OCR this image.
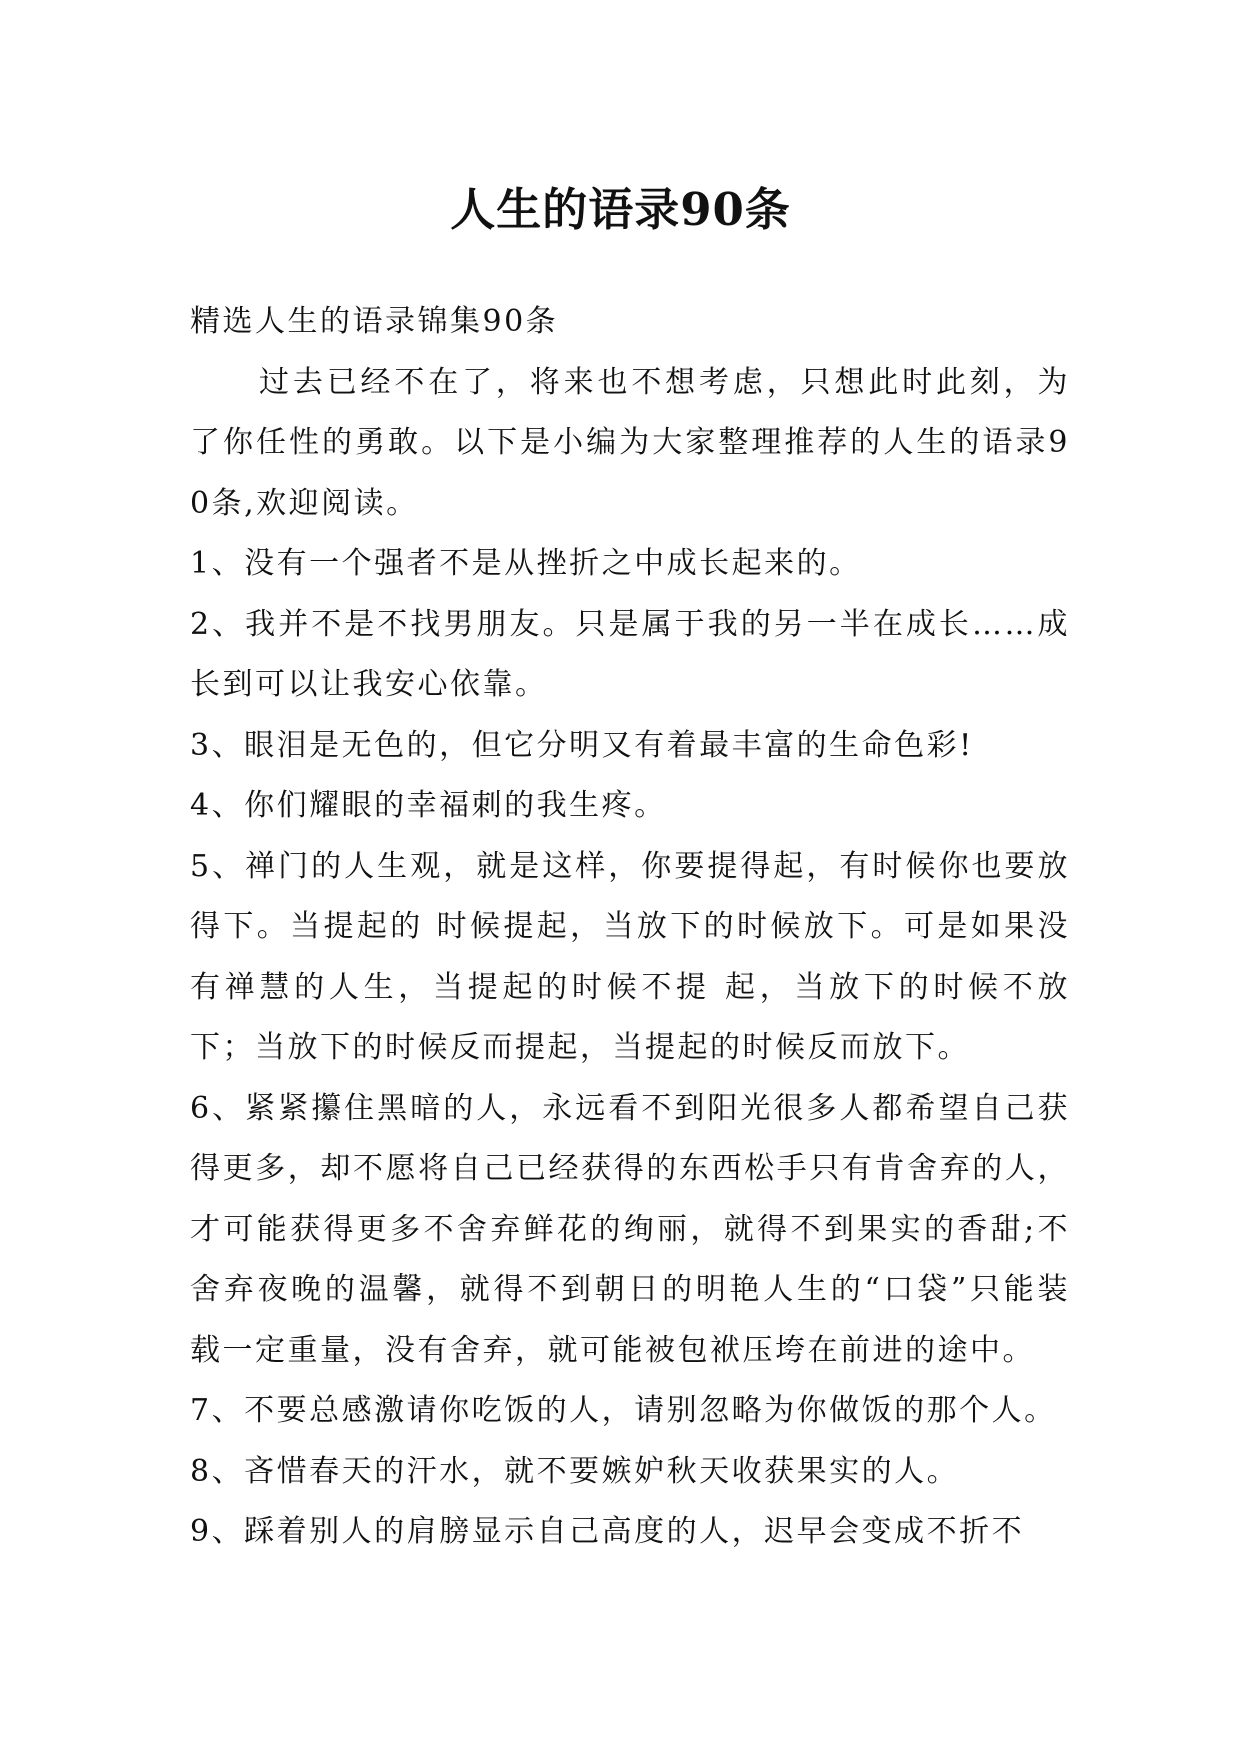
人生的语录90条
精选人生的语录锦集90条

过去已经不在了，将来也不想考虑，只想此时此刻，为了你任性的勇敢。以下是小编为大家整理推荐的人生的语录90条,欢迎阅读。

1、没有一个强者不是从挫折之中成长起来的。

2、我并不是不找男朋友。只是属于我的另一半在成长……成长到可以让我安心依靠。

3、眼泪是无色的，但它分明又有着最丰富的生命色彩!

4、你们耀眼的幸福刺的我生疼。

5、禅门的人生观，就是这样，你要提得起，有时候你也要放得下。当提起的 时候提起，当放下的时候放下。可是如果没有禅慧的人生，当提起的时候不提 起，当放下的时候不放下；当放下的时候反而提起，当提起的时候反而放下。

6、紧紧攥住黑暗的人，永远看不到阳光很多人都希望自己获得更多，却不愿将自己已经获得的东西松手只有肯舍弃的人，才可能获得更多不舍弃鲜花的绚丽，就得不到果实的香甜;不舍弃夜晚的温馨，就得不到朝日的明艳人生的“口袋”只能装载一定重量，没有舍弃，就可能被包袱压垮在前进的途中。

7、不要总感激请你吃饭的人，请别忽略为你做饭的那个人。

8、吝惜春天的汗水，就不要嫉妒秋天收获果实的人。

9、踩着别人的肩膀显示自己高度的人，迟早会变成不折不
